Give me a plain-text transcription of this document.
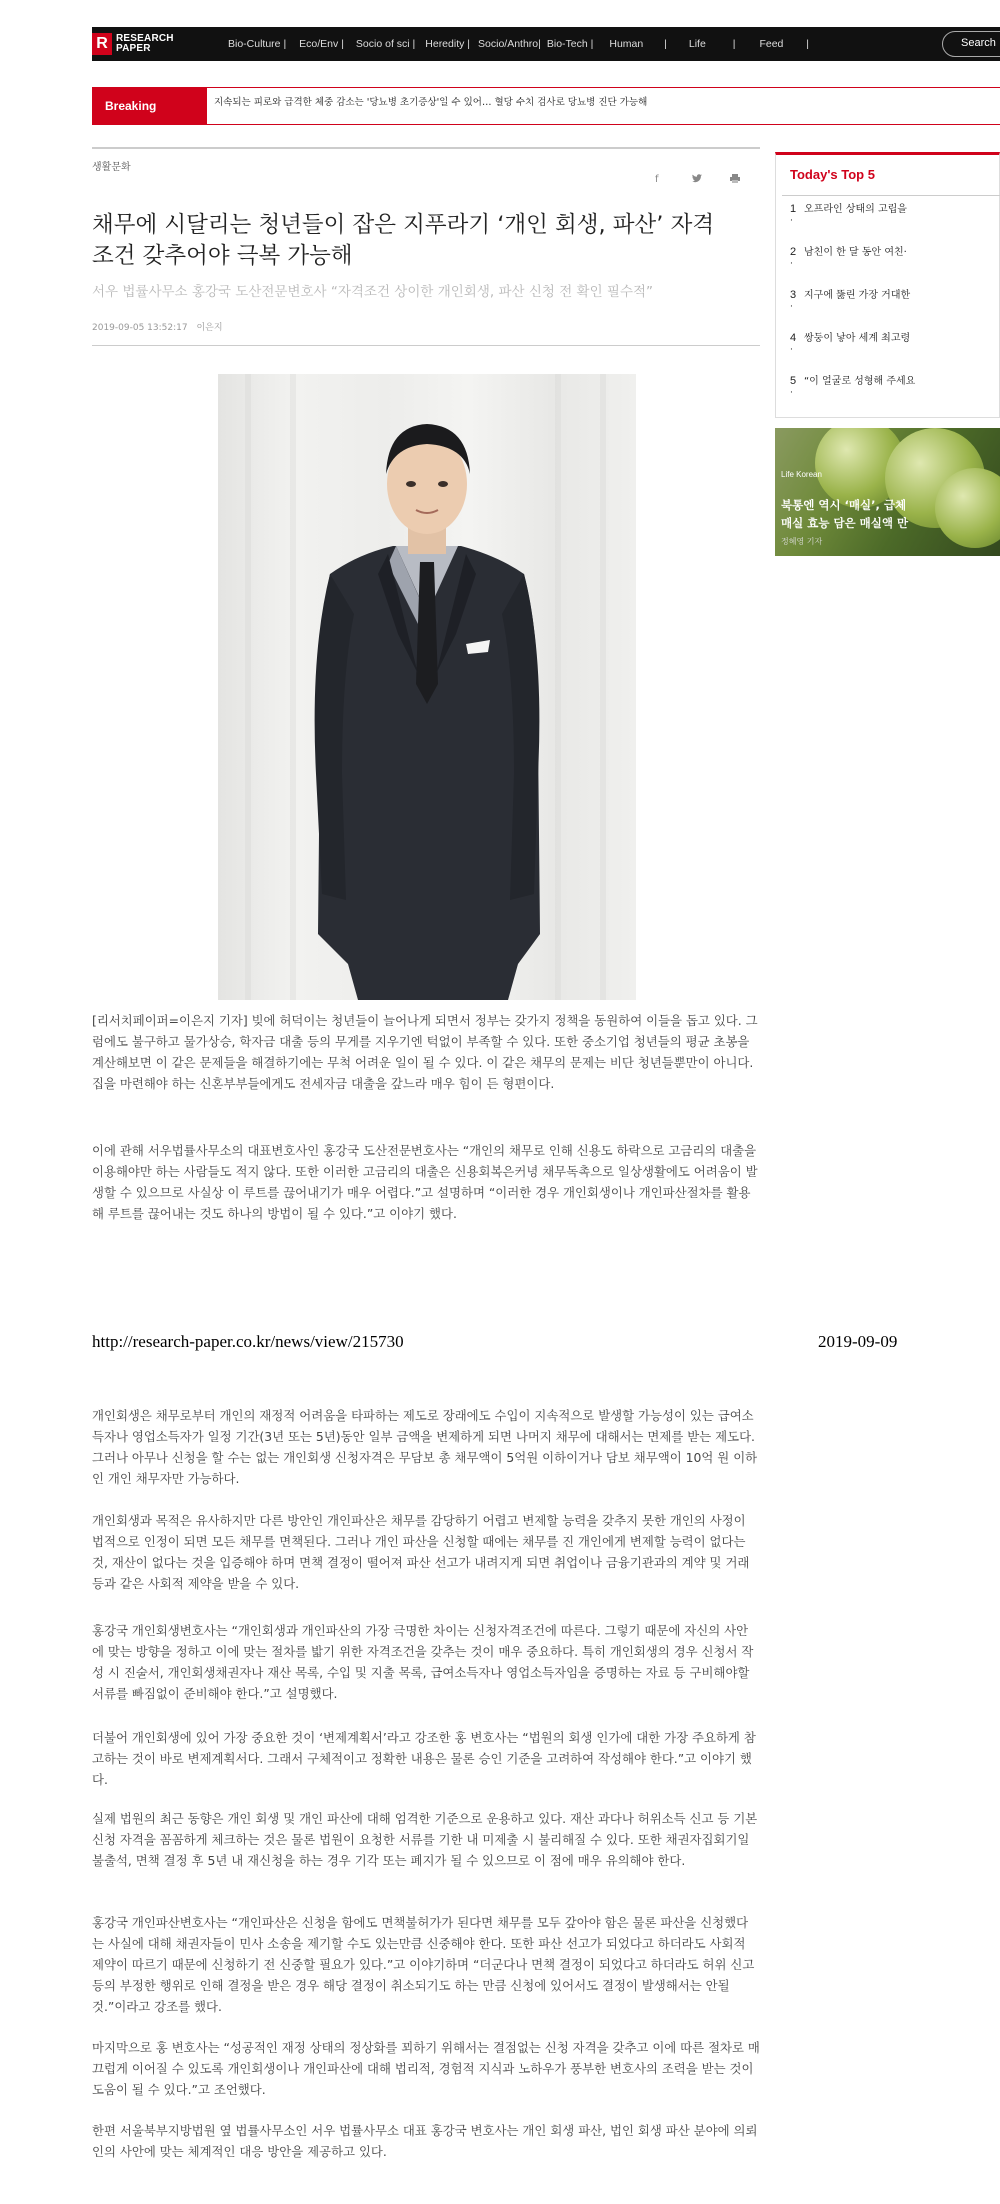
R RESEARCH
PAPER	Bio-Culture | Eco/Env | Socio of sci | Heredity | Socio/Anthro| Bio-Tech | Human | Life | Feed |	Search
Breaking	지속되는 피로와 급격한 체중 감소는 '당뇨병 초기증상'일 수 있어… 혈당 수치 검사로 당뇨병 진단 가능해
생활문화
f
채무에 시달리는 청년들이 잡은 지푸라기 ‘개인 회생, 파산’ 자격
조건 갖추어야 극복 가능해
서우 법률사무소 홍강국 도산전문변호사 “자격조건 상이한 개인회생, 파산 신청 전 확인 필수적”
2019-09-05 13:52:17 이은지

[리서치페이퍼=이은지 기자] 빚에 허덕이는 청년들이 늘어나게 되면서 정부는 갖가지 정책을 동원하여 이들을 돕고 있다. 그럼에도 불구하고 물가상승, 학자금 대출 등의 무게를 지우기엔 턱없이 부족할 수 있다. 또한 중소기업 청년들의 평균 초봉을 계산해보면 이 같은 문제들을 해결하기에는 무척 어려운 일이 될 수 있다. 이 같은 채무의 문제는 비단 청년들뿐만이 아니다. 집을 마련해야 하는 신혼부부들에게도 전세자금 대출을 갚느라 매우 힘이 든 형편이다.

이에 관해 서우법률사무소의 대표변호사인 홍강국 도산전문변호사는 “개인의 채무로 인해 신용도 하락으로 고금리의 대출을 이용해야만 하는 사람들도 적지 않다. 또한 이러한 고금리의 대출은 신용회복은커녕 채무독촉으로 일상생활에도 어려움이 발생할 수 있으므로 사실상 이 루트를 끊어내기가 매우 어렵다.”고 설명하며 “이러한 경우 개인회생이나 개인파산절차를 활용해 루트를 끊어내는 것도 하나의 방법이 될 수 있다.”고 이야기 했다.

http://research-paper.co.kr/news/view/215730	2019-09-09

개인회생은 채무로부터 개인의 재정적 어려움을 타파하는 제도로 장래에도 수입이 지속적으로 발생할 가능성이 있는 급여소득자나 영업소득자가 일정 기간(3년 또는 5년)동안 일부 금액을 변제하게 되면 나머지 채무에 대해서는 면제를 받는 제도다. 그러나 아무나 신청을 할 수는 없는 개인회생 신청자격은 무담보 총 채무액이 5억원 이하이거나 담보 채무액이 10억 원 이하인 개인 채무자만 가능하다.

개인회생과 목적은 유사하지만 다른 방안인 개인파산은 채무를 감당하기 어렵고 변제할 능력을 갖추지 못한 개인의 사정이 법적으로 인정이 되면 모든 채무를 면책된다. 그러나 개인 파산을 신청할 때에는 채무를 진 개인에게 변제할 능력이 없다는 것, 재산이 없다는 것을 입증해야 하며 면책 결정이 떨어져 파산 선고가 내려지게 되면 취업이나 금융기관과의 계약 및 거래 등과 같은 사회적 제약을 받을 수 있다.

홍강국 개인회생변호사는 “개인회생과 개인파산의 가장 극명한 차이는 신청자격조건에 따른다. 그렇기 때문에 자신의 사안에 맞는 방향을 정하고 이에 맞는 절차를 밟기 위한 자격조건을 갖추는 것이 매우 중요하다. 특히 개인회생의 경우 신청서 작성 시 진술서, 개인회생채권자나 재산 목록, 수입 및 지출 목록, 급여소득자나 영업소득자임을 증명하는 자료 등 구비해야할 서류를 빠짐없이 준비해야 한다.”고 설명했다.

더불어 개인회생에 있어 가장 중요한 것이 ‘변제계획서’라고 강조한 홍 변호사는 “법원의 회생 인가에 대한 가장 주요하게 참고하는 것이 바로 변제계획서다. 그래서 구체적이고 정확한 내용은 물론 승인 기준을 고려하여 작성해야 한다.”고 이야기 했다.

실제 법원의 최근 동향은 개인 회생 및 개인 파산에 대해 엄격한 기준으로 운용하고 있다. 재산 과다나 허위소득 신고 등 기본 신청 자격을 꼼꼼하게 체크하는 것은 물론 법원이 요청한 서류를 기한 내 미제출 시 불리해질 수 있다. 또한 채권자집회기일 불출석, 면책 결정 후 5년 내 재신청을 하는 경우 기각 또는 폐지가 될 수 있으므로 이 점에 매우 유의해야 한다.

홍강국 개인파산변호사는 “개인파산은 신청을 함에도 면책불허가가 된다면 채무를 모두 갚아야 함은 물론 파산을 신청했다는 사실에 대해 채권자들이 민사 소송을 제기할 수도 있는만큼 신중해야 한다. 또한 파산 선고가 되었다고 하더라도 사회적 제약이 따르기 때문에 신청하기 전 신중할 필요가 있다.”고 이야기하며 “더군다나 면책 결정이 되었다고 하더라도 허위 신고 등의 부정한 행위로 인해 결정을 받은 경우 해당 결정이 취소되기도 하는 만큼 신청에 있어서도 결정이 발생해서는 안될 것.”이라고 강조를 했다.

마지막으로 홍 변호사는 “성공적인 재정 상태의 정상화를 꾀하기 위해서는 결점없는 신청 자격을 갖추고 이에 따른 절차로 매끄럽게 이어질 수 있도록 개인회생이나 개인파산에 대해 법리적, 경험적 지식과 노하우가 풍부한 변호사의 조력을 받는 것이 도움이 될 수 있다.”고 조언했다.

한편 서울북부지방법원 옆 법률사무소인 서우 법률사무소 대표 홍강국 변호사는 개인 회생 파산, 법인 회생 파산 분야에 의뢰인의 사안에 맞는 체계적인 대응 방안을 제공하고 있다.

Today's Top 5
1 오프라인 상태의 고립을
·
2 남친이 한 달 동안 여친·
·
3 지구에 뚫린 가장 거대한
·
4 쌍둥이 낳아 세계 최고령
·
5 “이 얼굴로 성형해 주세요
·
Life Korean
북통엔 역시 ‘매실’, 급체
매실 효능 담은 매실액 만
정혜영 기자
